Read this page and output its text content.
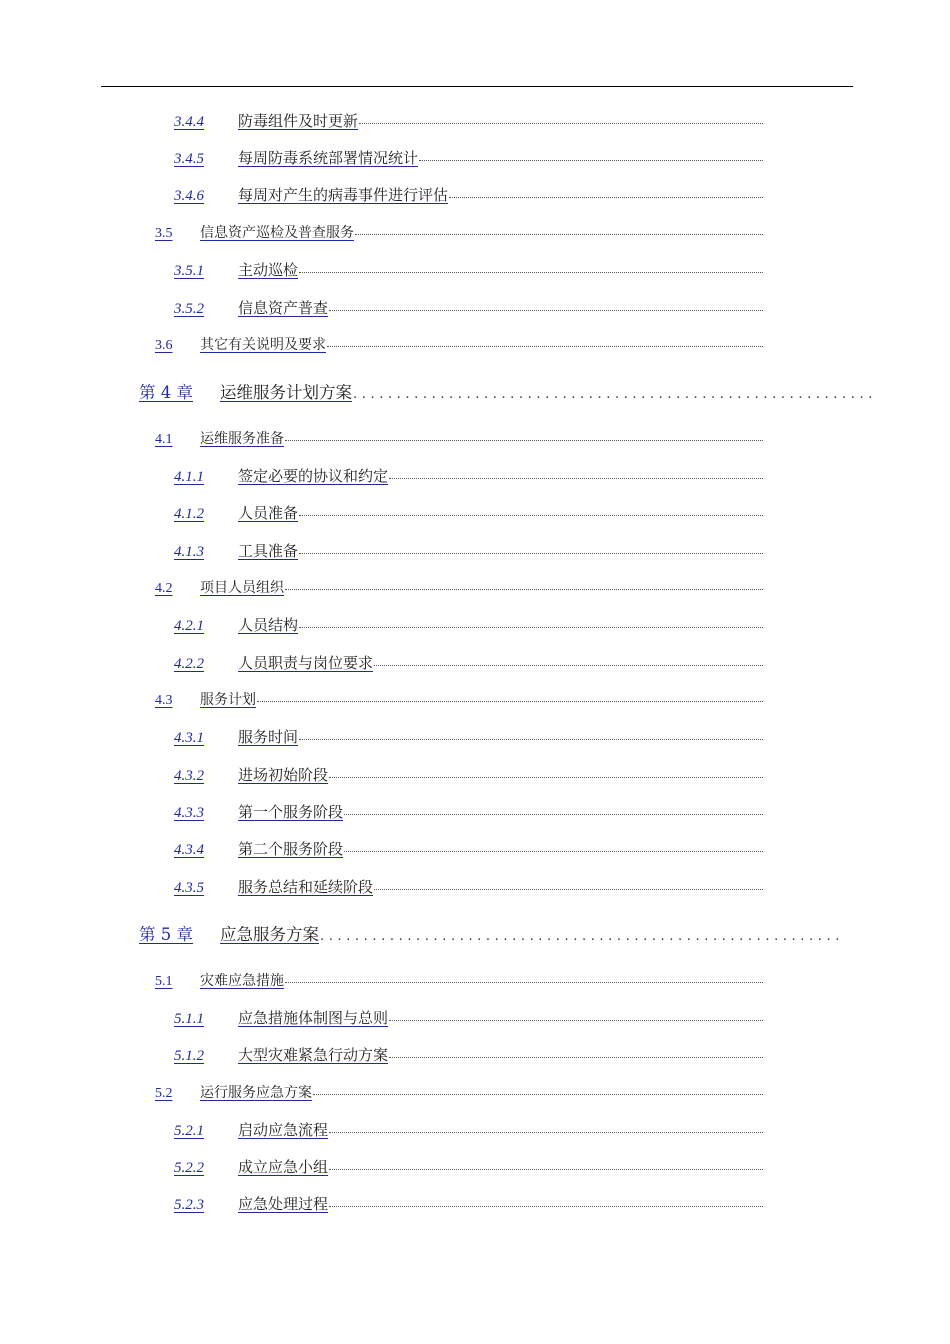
3.4.4	防毒组件及时更新
3.4.5	每周防毒系统部署情况统计
3.4.6	每周对产生的病毒事件进行评估
3.5	信息资产巡检及普查服务
3.5.1	主动巡检
3.5.2	信息资产普查
3.6	其它有关说明及要求
第 4 章	运维服务计划方案 ............................................................
4.1	运维服务准备
4.1.1	签定必要的协议和约定
4.1.2	人员准备
4.1.3	工具准备
4.2	项目人员组织
4.2.1	人员结构
4.2.2	人员职责与岗位要求
4.3	服务计划
4.3.1	服务时间
4.3.2	进场初始阶段
4.3.3	第一个服务阶段
4.3.4	第二个服务阶段
4.3.5	服务总结和延续阶段
第 5 章	应急服务方案 ............................................................
5.1	灾难应急措施
5.1.1	应急措施体制图与总则
5.1.2	大型灾难紧急行动方案
5.2	运行服务应急方案
5.2.1	启动应急流程
5.2.2	成立应急小组
5.2.3	应急处理过程
